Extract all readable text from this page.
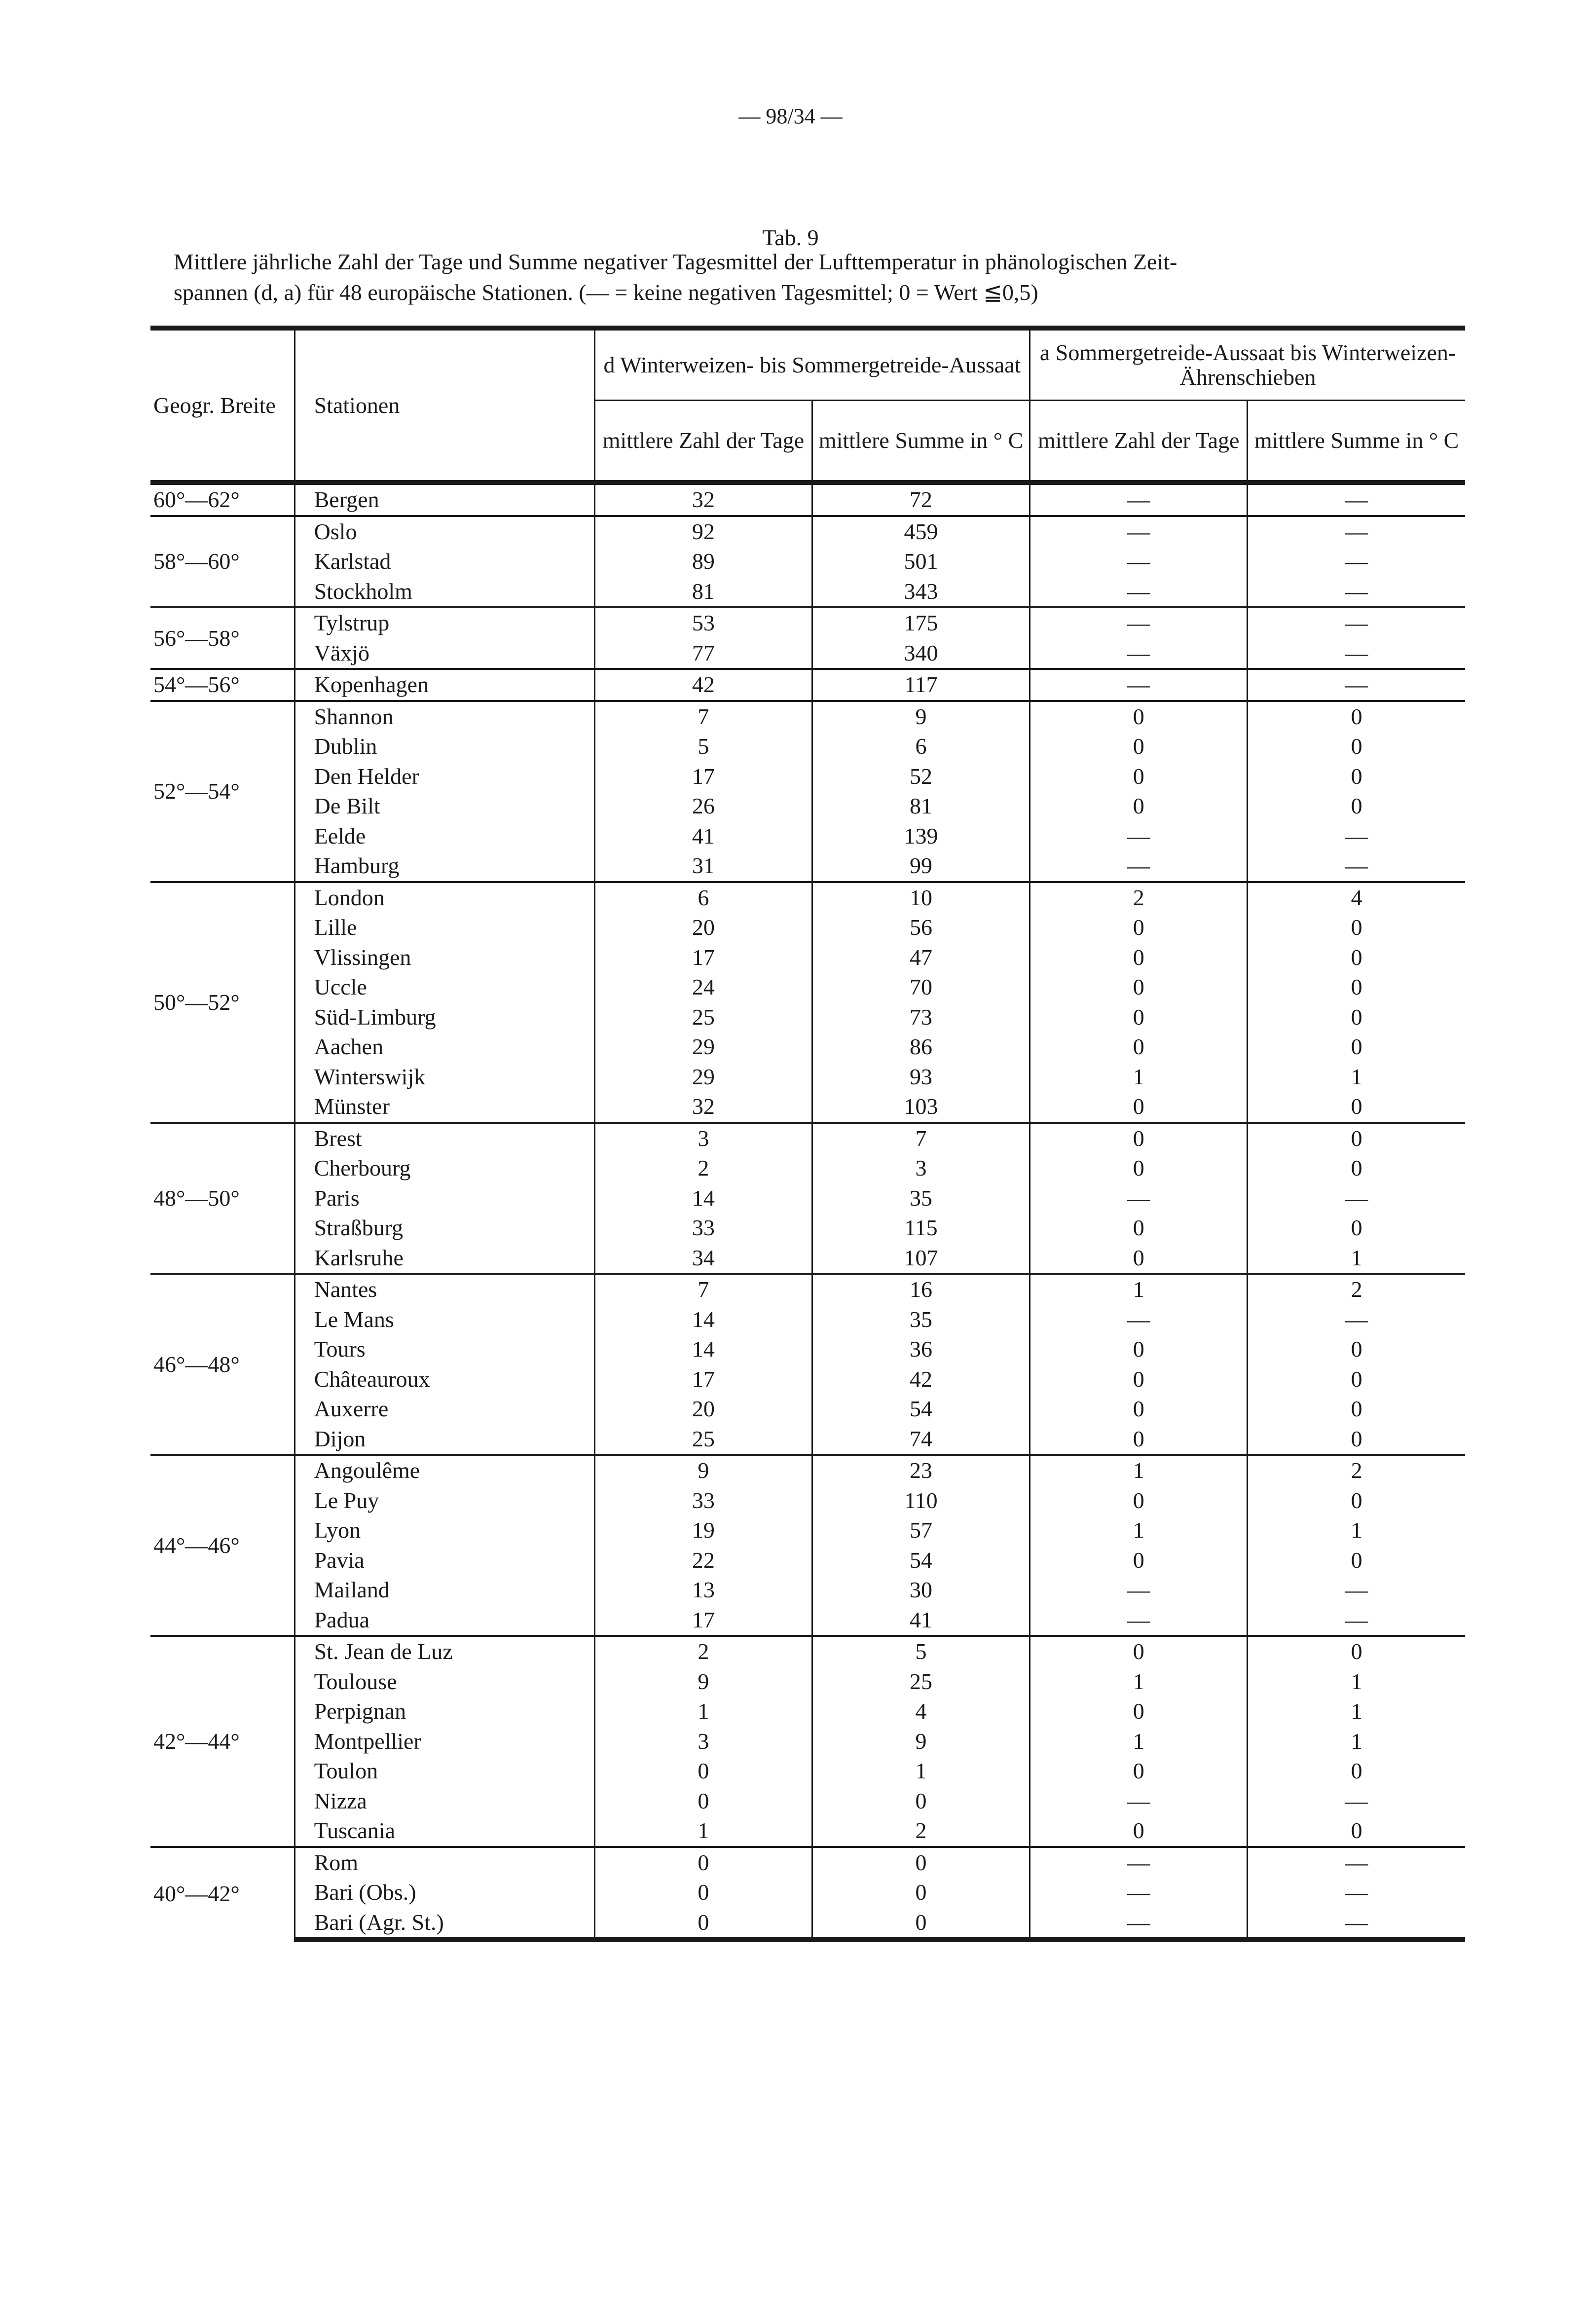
— 98/34 —
Tab. 9
Mittlere jährliche Zahl der Tage und Summe negativer Tagesmittel der Lufttemperatur in phänologischen Zeit-
spannen (d, a) für 48 europäische Stationen. (— = keine negativen Tagesmittel; 0 = Wert ≦0,5)
Geogr. Breite	Stationen	d Winterweizen- bis Sommergetreide-Aussaat		a Sommergetreide-Aussaat bis Winterweizen-Ährenschieben	
		mittlere Zahl der Tage	mittlere Summe in ° C	mittlere Zahl der Tage	mittlere Summe in ° C
60°—62°	Bergen	32	72	—	—
58°—60°	Oslo	92	459	—	—
	Karlstad	89	501	—	—
	Stockholm	81	343	—	—
56°—58°	Tylstrup	53	175	—	—
	Växjö	77	340	—	—
54°—56°	Kopenhagen	42	117	—	—
52°—54°	Shannon	7	9	0	0
	Dublin	5	6	0	0
	Den Helder	17	52	0	0
	De Bilt	26	81	0	0
	Eelde	41	139	—	—
	Hamburg	31	99	—	—
50°—52°	London	6	10	2	4
	Lille	20	56	0	0
	Vlissingen	17	47	0	0
	Uccle	24	70	0	0
	Süd-Limburg	25	73	0	0
	Aachen	29	86	0	0
	Winterswijk	29	93	1	1
	Münster	32	103	0	0
48°—50°	Brest	3	7	0	0
	Cherbourg	2	3	0	0
	Paris	14	35	—	—
	Straßburg	33	115	0	0
	Karlsruhe	34	107	0	1
46°—48°	Nantes	7	16	1	2
	Le Mans	14	35	—	—
	Tours	14	36	0	0
	Châteauroux	17	42	0	0
	Auxerre	20	54	0	0
	Dijon	25	74	0	0
44°—46°	Angoulême	9	23	1	2
	Le Puy	33	110	0	0
	Lyon	19	57	1	1
	Pavia	22	54	0	0
	Mailand	13	30	—	—
	Padua	17	41	—	—
42°—44°	St. Jean de Luz	2	5	0	0
	Toulouse	9	25	1	1
	Perpignan	1	4	0	1
	Montpellier	3	9	1	1
	Toulon	0	1	0	0
	Nizza	0	0	—	—
	Tuscania	1	2	0	0
40°—42°	Rom	0	0	—	—
	Bari (Obs.)	0	0	—	—
	Bari (Agr. St.)	0	0	—	—
